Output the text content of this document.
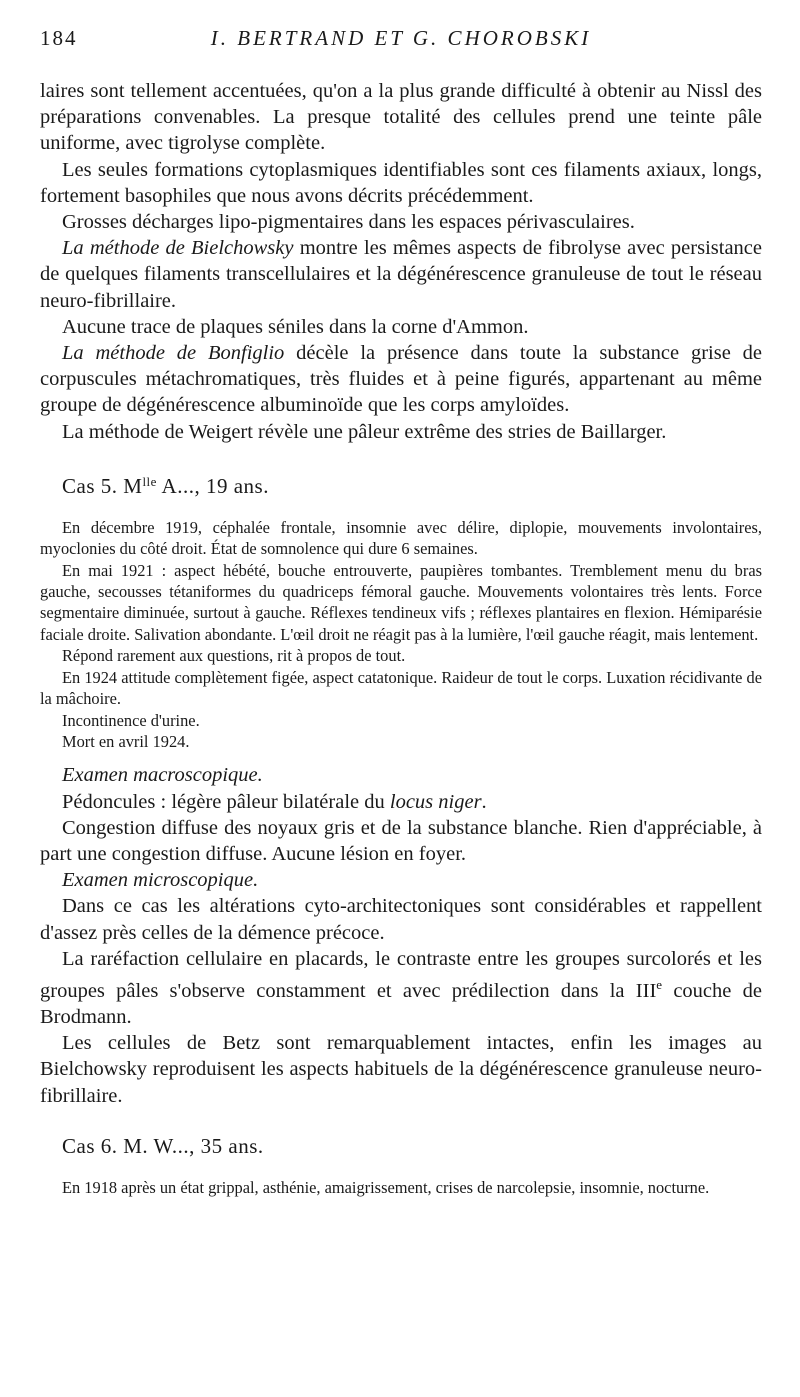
184	I. BERTRAND ET G. CHOROBSKI

laires sont tellement accentuées, qu'on a la plus grande difficulté à obtenir au Nissl des préparations convenables. La presque totalité des cellules prend une teinte pâle uniforme, avec tigrolyse complète.

Les seules formations cytoplasmiques identifiables sont ces filaments axiaux, longs, fortement basophiles que nous avons décrits précédemment.

Grosses décharges lipo-pigmentaires dans les espaces périvasculaires.

La méthode de Bielchowsky montre les mêmes aspects de fibrolyse avec persistance de quelques filaments transcellulaires et la dégénérescence granuleuse de tout le réseau neuro-fibrillaire.

Aucune trace de plaques séniles dans la corne d'Ammon.

La méthode de Bonfiglio décèle la présence dans toute la substance grise de corpuscules métachromatiques, très fluides et à peine figurés, appartenant au même groupe de dégénérescence albuminoïde que les corps amyloïdes.

La méthode de Weigert révèle une pâleur extrême des stries de Baillarger.

Cas 5. $M^{lle}$ A..., 19 ans.

En décembre 1919, céphalée frontale, insomnie avec délire, diplopie, mouvements involontaires, myoclonies du côté droit. État de somnolence qui dure 6 semaines.

En mai 1921 : aspect hébété, bouche entrouverte, paupières tombantes. Tremblement menu du bras gauche, secousses tétaniformes du quadriceps fémoral gauche. Mouvements volontaires très lents. Force segmentaire diminuée, surtout à gauche. Réflexes tendineux vifs ; réflexes plantaires en flexion. Hémiparésie faciale droite. Salivation abondante. L'œil droit ne réagit pas à la lumière, l'œil gauche réagit, mais lentement.

Répond rarement aux questions, rit à propos de tout.

En 1924 attitude complètement figée, aspect catatonique. Raideur de tout le corps. Luxation récidivante de la mâchoire.

Incontinence d'urine.

Mort en avril 1924.

Examen macroscopique.

Pédoncules : légère pâleur bilatérale du locus niger.

Congestion diffuse des noyaux gris et de la substance blanche. Rien d'appréciable, à part une congestion diffuse. Aucune lésion en foyer.

Examen microscopique.

Dans ce cas les altérations cyto-architectoniques sont considérables et rappellent d'assez près celles de la démence précoce.

La raréfaction cellulaire en placards, le contraste entre les groupes surcolorés et les groupes pâles s'observe constamment et avec prédilection dans la IIIe couche de Brodmann.

Les cellules de Betz sont remarquablement intactes, enfin les images au Bielchowsky reproduisent les aspects habituels de la dégénérescence granuleuse neuro-fibrillaire.

Cas 6. M. W..., 35 ans.

En 1918 après un état grippal, asthénie, amaigrissement, crises de narcolepsie, insomnie, nocturne.
